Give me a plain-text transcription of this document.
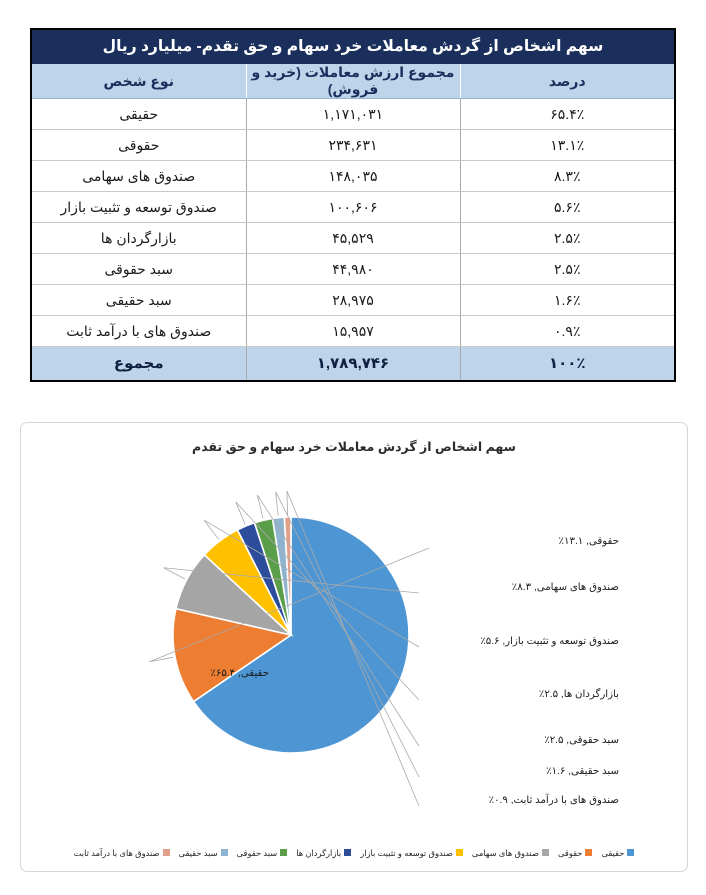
سهم اشخاص از گردش معاملات خرد سهام و حق تقدم- میلیارد ریال		
درصد	مجموع ارزش معاملات (خرید و فروش)	نوع شخص
۶۵.۴٪	۱,۱۷۱,۰۳۱	حقیقی
۱۳.۱٪	۲۳۴,۶۳۱	حقوقی
۸.۳٪	۱۴۸,۰۳۵	صندوق های سهامی
۵.۶٪	۱۰۰,۶۰۶	صندوق توسعه و تثبیت بازار
۲.۵٪	۴۵,۵۲۹	بازارگردان ها
۲.۵٪	۴۴,۹۸۰	سبد حقوقی
۱.۶٪	۲۸,۹۷۵	سبد حقیقی
۰.۹٪	۱۵,۹۵۷	صندوق های با درآمد ثابت
۱۰۰٪	۱,۷۸۹,۷۴۶	مجموع
سهم اشخاص از گردش معاملات خرد سهام و حق تقدم
حقیقی, ۶۵.۴٪
حقوقی, ۱۳.۱٪
صندوق های سهامی, ۸.۳٪
صندوق توسعه و تثبیت بازار, ۵.۶٪
بازارگردان ها, ۲.۵٪
سبد حقوقی, ۲.۵٪
سبد حقیقی, ۱.۶٪
صندوق های با درآمد ثابت, ۰.۹٪
حقیقی
حقوقی
صندوق های سهامی
صندوق توسعه و تثبیت بازار
بازارگردان ها
سبد حقوقی
سبد حقیقی
صندوق های با درآمد ثابت
